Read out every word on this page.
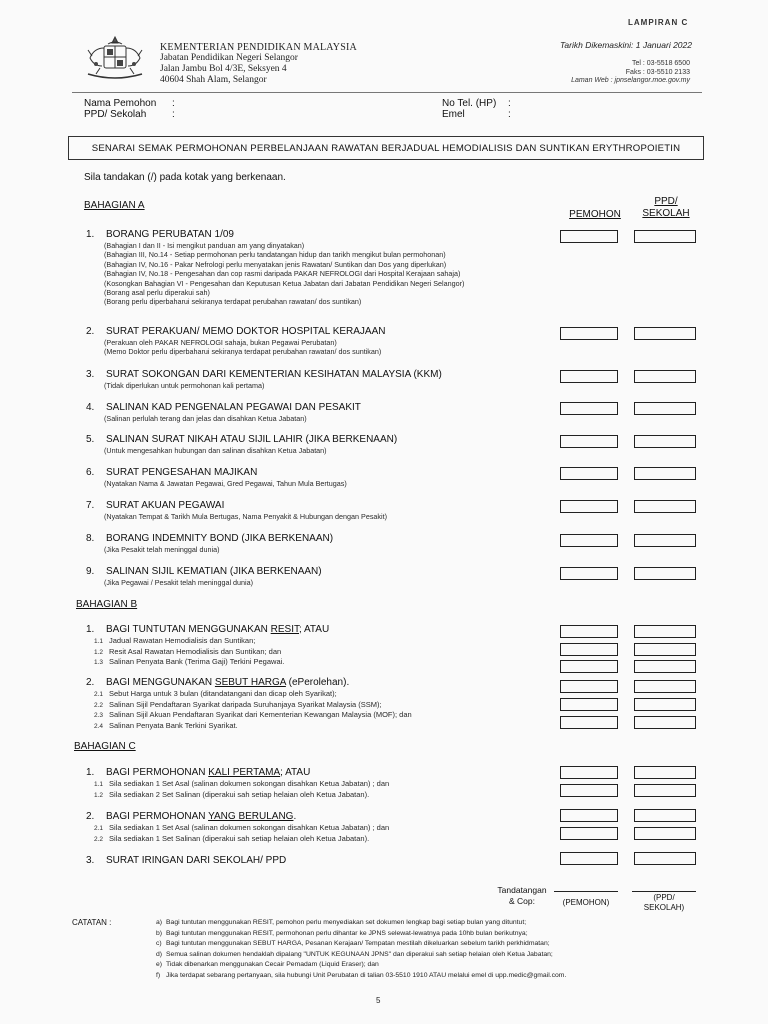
LAMPIRAN C
KEMENTERIAN PENDIDIKAN MALAYSIA
Jabatan Pendidikan Negeri Selangor
Jalan Jambu Bol 4/3E, Seksyen 4
40604 Shah Alam, Selangor
Tarikh Dikemaskini: 1 Januari 2022
Tel : 03-5518 6500
Faks : 03-5510 2133
Laman Web : jpnselangor.moe.gov.my
Nama Pemohon	:
PPD/ Sekolah	:
No Tel. (HP)	:
Emel	:
SENARAI SEMAK PERMOHONAN PERBELANJAAN RAWATAN BERJADUAL HEMODIALISIS DAN SUNTIKAN ERYTHROPOIETIN
Sila tandakan (/) pada kotak yang berkenaan.
PEMOHON
PPD/
SEKOLAH
BAHAGIAN A
1.	BORANG PERUBATAN 1/09
(Bahagian I dan II - Isi mengikut panduan am yang dinyatakan)
(Bahagian III, No.14 - Setiap permohonan perlu tandatangan hidup dan tarikh mengikut bulan permohonan)
(Bahagian IV, No.16 - Pakar Nefrologi perlu menyatakan jenis Rawatan/ Suntikan dan Dos yang diperlukan)
(Bahagian IV, No.18 - Pengesahan dan cop rasmi daripada PAKAR NEFROLOGI dari Hospital Kerajaan sahaja)
(Kosongkan Bahagian VI - Pengesahan dan Keputusan Ketua Jabatan dari Jabatan Pendidikan Negeri Selangor)
(Borang asal perlu diperakui sah)
(Borang perlu diperbaharui sekiranya terdapat perubahan rawatan/ dos suntikan)
2.	SURAT PERAKUAN/ MEMO DOKTOR HOSPITAL KERAJAAN
(Perakuan oleh PAKAR NEFROLOGI sahaja, bukan Pegawai Perubatan)
(Memo Doktor perlu diperbaharui sekiranya terdapat perubahan rawatan/ dos suntikan)
3.	SURAT SOKONGAN DARI KEMENTERIAN KESIHATAN MALAYSIA (KKM)
(Tidak diperlukan untuk permohonan kali pertama)
4.	SALINAN KAD PENGENALAN PEGAWAI DAN PESAKIT
(Salinan perlulah terang dan jelas dan disahkan Ketua Jabatan)
5.	SALINAN SURAT NIKAH ATAU SIJIL LAHIR (JIKA BERKENAAN)
(Untuk mengesahkan hubungan dan salinan disahkan Ketua Jabatan)
6.	SURAT PENGESAHAN MAJIKAN
(Nyatakan Nama & Jawatan Pegawai, Gred Pegawai, Tahun Mula Bertugas)
7.	SURAT AKUAN PEGAWAI
(Nyatakan Tempat & Tarikh Mula Bertugas, Nama Penyakit & Hubungan dengan Pesakit)
8.	BORANG INDEMNITY BOND (JIKA BERKENAAN)
(Jika Pesakit telah meninggal dunia)
9.	SALINAN SIJIL KEMATIAN (JIKA BERKENAAN)
(Jika Pegawai / Pesakit telah meninggal dunia)
BAHAGIAN B
1.	BAGI TUNTUTAN MENGGUNAKAN RESIT; ATAU
1.1 Jadual Rawatan Hemodialisis dan Suntikan;
1.2 Resit Asal Rawatan Hemodialisis dan Suntikan; dan
1.3 Salinan Penyata Bank (Terima Gaji) Terkini Pegawai.
2.	BAGI MENGGUNAKAN SEBUT HARGA (ePerolehan).
2.1 Sebut Harga untuk 3 bulan (ditandatangani dan dicap oleh Syarikat);
2.2 Salinan Sijil Pendaftaran Syarikat daripada Suruhanjaya Syarikat Malaysia (SSM);
2.3 Salinan Sijil Akuan Pendaftaran Syarikat dari Kementerian Kewangan Malaysia (MOF); dan
2.4 Salinan Penyata Bank Terkini Syarikat.
BAHAGIAN C
1.	BAGI PERMOHONAN KALI PERTAMA; ATAU
1.1 Sila sediakan 1 Set Asal (salinan dokumen sokongan disahkan Ketua Jabatan) ; dan
1.2 Sila sediakan 2 Set Salinan (diperakui sah setiap helaian oleh Ketua Jabatan).
2.	BAGI PERMOHONAN YANG BERULANG.
2.1 Sila sediakan 1 Set Asal (salinan dokumen sokongan disahkan Ketua Jabatan) ; dan
2.2 Sila sediakan 1 Set Salinan (diperakui sah setiap helaian oleh Ketua Jabatan).
3.	SURAT IRINGAN DARI SEKOLAH/ PPD
Tandatangan
& Cop:	(PEMOHON)
(PPD/
SEKOLAH)
CATATAN :	a) Bagi tuntutan menggunakan RESIT, pemohon perlu menyediakan set dokumen lengkap bagi setiap bulan yang dituntut;
b) Bagi tuntutan menggunakan RESIT, permohonan perlu dihantar ke JPNS selewat-lewatnya pada 10hb bulan berikutnya;
c) Bagi tuntutan menggunakan SEBUT HARGA, Pesanan Kerajaan/ Tempatan mestilah dikeluarkan sebelum tarikh perkhidmatan;
d) Semua salinan dokumen hendaklah dipalang "UNTUK KEGUNAAN JPNS" dan diperakui sah setiap helaian oleh Ketua Jabatan;
e) Tidak dibenarkan menggunakan Cecair Pemadam (Liquid Eraser); dan
f) Jika terdapat sebarang pertanyaan, sila hubungi Unit Perubatan di talian 03-5510 1910 ATAU melalui emel di upp.medic@gmail.com.
5
